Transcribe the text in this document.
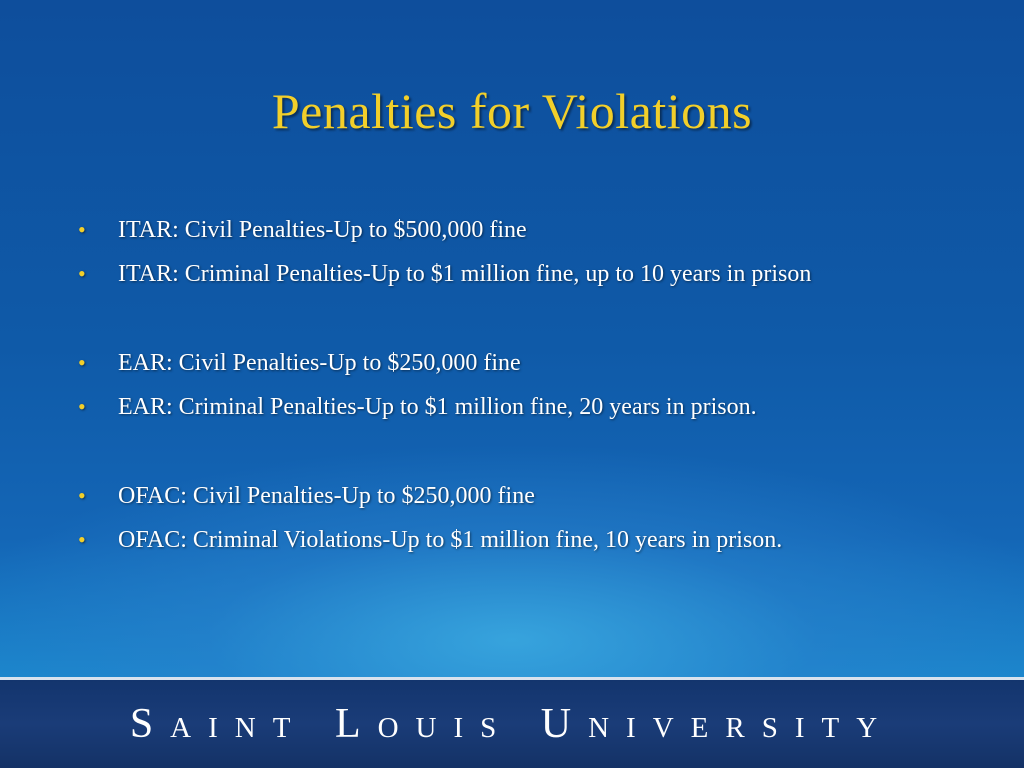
Penalties for Violations
• ITAR: Civil Penalties-Up to $500,000 fine
• ITAR: Criminal Penalties-Up to $1 million fine, up to 10 years in prison
• EAR: Civil Penalties-Up to $250,000 fine
• EAR: Criminal Penalties-Up to $1 million fine, 20 years in prison.
• OFAC: Civil Penalties-Up to $250,000 fine
• OFAC: Criminal Violations-Up to $1 million fine, 10 years in prison.
Saint Louis University
